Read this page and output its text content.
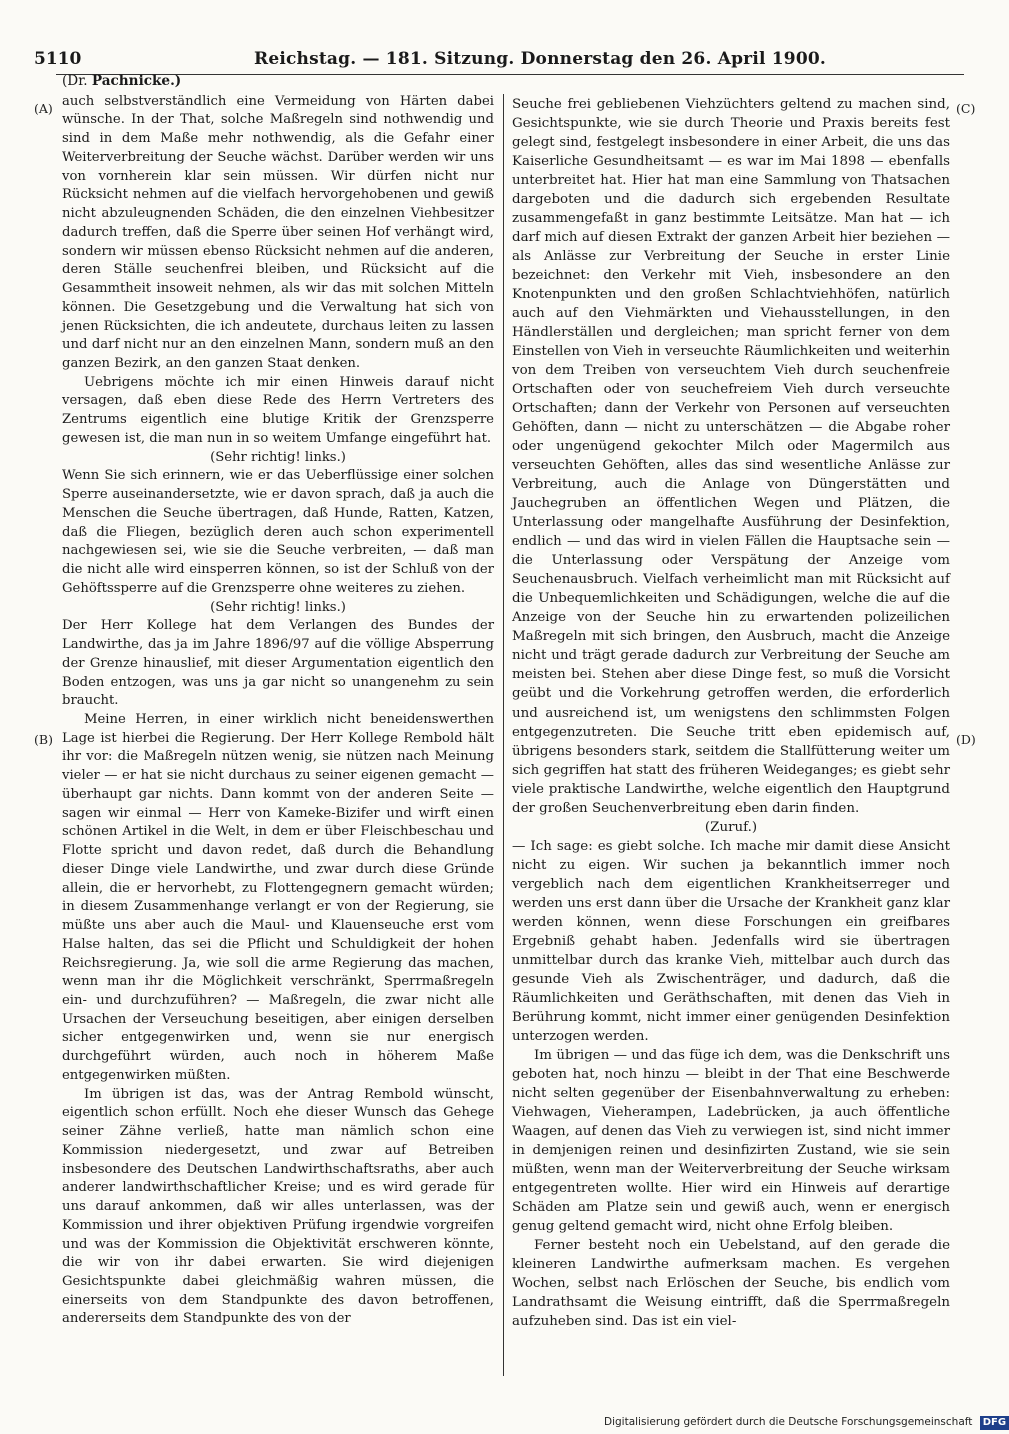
5110	Reichstag. — 181. Sitzung. Donnerstag den 26. April 1900.
(A)
(B)
(C)
(D)
(Dr. Pachnicke.)

auch selbstverständlich eine Vermeidung von Härten dabei wünsche. In der That, solche Maßregeln sind nothwendig und sind in dem Maße mehr nothwendig, als die Gefahr einer Weiterverbreitung der Seuche wächst. Darüber werden wir uns von vornherein klar sein müssen. Wir dürfen nicht nur Rücksicht nehmen auf die vielfach hervorgehobenen und gewiß nicht abzuleugnenden Schäden, die den einzelnen Viehbesitzer dadurch treffen, daß die Sperre über seinen Hof verhängt wird, sondern wir müssen ebenso Rücksicht nehmen auf die anderen, deren Ställe seuchenfrei bleiben, und Rücksicht auf die Gesammtheit insoweit nehmen, als wir das mit solchen Mitteln können. Die Gesetzgebung und die Verwaltung hat sich von jenen Rücksichten, die ich andeutete, durchaus leiten zu lassen und darf nicht nur an den einzelnen Mann, sondern muß an den ganzen Bezirk, an den ganzen Staat denken.

Uebrigens möchte ich mir einen Hinweis darauf nicht versagen, daß eben diese Rede des Herrn Vertreters des Zentrums eigentlich eine blutige Kritik der Grenzsperre gewesen ist, die man nun in so weitem Umfange eingeführt hat.

(Sehr richtig! links.)

Wenn Sie sich erinnern, wie er das Ueberflüssige einer solchen Sperre auseinandersetzte, wie er davon sprach, daß ja auch die Menschen die Seuche übertragen, daß Hunde, Ratten, Katzen, daß die Fliegen, bezüglich deren auch schon experimentell nachgewiesen sei, wie sie die Seuche verbreiten, — daß man die nicht alle wird einsperren können, so ist der Schluß von der Gehöftssperre auf die Grenzsperre ohne weiteres zu ziehen.

(Sehr richtig! links.)

Der Herr Kollege hat dem Verlangen des Bundes der Landwirthe, das ja im Jahre 1896/97 auf die völlige Absperrung der Grenze hinauslief, mit dieser Argumentation eigentlich den Boden entzogen, was uns ja gar nicht so unangenehm zu sein braucht.

Meine Herren, in einer wirklich nicht beneidenswerthen Lage ist hierbei die Regierung. Der Herr Kollege Rembold hält ihr vor: die Maßregeln nützen wenig, sie nützen nach Meinung vieler — er hat sie nicht durchaus zu seiner eigenen gemacht — überhaupt gar nichts. Dann kommt von der anderen Seite — sagen wir einmal — Herr von Kameke-Bizifer und wirft einen schönen Artikel in die Welt, in dem er über Fleischbeschau und Flotte spricht und davon redet, daß durch die Behandlung dieser Dinge viele Landwirthe, und zwar durch diese Gründe allein, die er hervorhebt, zu Flottengegnern gemacht würden; in diesem Zusammenhange verlangt er von der Regierung, sie müßte uns aber auch die Maul- und Klauenseuche erst vom Halse halten, das sei die Pflicht und Schuldigkeit der hohen Reichsregierung. Ja, wie soll die arme Regierung das machen, wenn man ihr die Möglichkeit verschränkt, Sperrmaßregeln ein- und durchzuführen? — Maßregeln, die zwar nicht alle Ursachen der Verseuchung beseitigen, aber einigen derselben sicher entgegenwirken und, wenn sie nur energisch durchgeführt würden, auch noch in höherem Maße entgegenwirken müßten.

Im übrigen ist das, was der Antrag Rembold wünscht, eigentlich schon erfüllt. Noch ehe dieser Wunsch das Gehege seiner Zähne verließ, hatte man nämlich schon eine Kommission niedergesetzt, und zwar auf Betreiben insbesondere des Deutschen Landwirthschaftsraths, aber auch anderer landwirthschaftlicher Kreise; und es wird gerade für uns darauf ankommen, daß wir alles unterlassen, was der Kommission und ihrer objektiven Prüfung irgendwie vorgreifen und was der Kommission die Objektivität erschweren könnte, die wir von ihr dabei erwarten. Sie wird diejenigen Gesichtspunkte dabei gleichmäßig wahren müssen, die einerseits von dem Standpunkte des davon betroffenen, andererseits dem Standpunkte des von der

Seuche frei gebliebenen Viehzüchters geltend zu machen sind, Gesichtspunkte, wie sie durch Theorie und Praxis bereits fest gelegt sind, festgelegt insbesondere in einer Arbeit, die uns das Kaiserliche Gesundheitsamt — es war im Mai 1898 — ebenfalls unterbreitet hat. Hier hat man eine Sammlung von Thatsachen dargeboten und die dadurch sich ergebenden Resultate zusammengefaßt in ganz bestimmte Leitsätze. Man hat — ich darf mich auf diesen Extrakt der ganzen Arbeit hier beziehen — als Anlässe zur Verbreitung der Seuche in erster Linie bezeichnet: den Verkehr mit Vieh, insbesondere an den Knotenpunkten und den großen Schlachtviehhöfen, natürlich auch auf den Viehmärkten und Viehausstellungen, in den Händlerställen und dergleichen; man spricht ferner von dem Einstellen von Vieh in verseuchte Räumlichkeiten und weiterhin von dem Treiben von verseuchtem Vieh durch seuchenfreie Ortschaften oder von seuchefreiem Vieh durch verseuchte Ortschaften; dann der Verkehr von Personen auf verseuchten Gehöften, dann — nicht zu unterschätzen — die Abgabe roher oder ungenügend gekochter Milch oder Magermilch aus verseuchten Gehöften, alles das sind wesentliche Anlässe zur Verbreitung, auch die Anlage von Düngerstätten und Jauchegruben an öffentlichen Wegen und Plätzen, die Unterlassung oder mangelhafte Ausführung der Desinfektion, endlich — und das wird in vielen Fällen die Hauptsache sein — die Unterlassung oder Verspätung der Anzeige vom Seuchenausbruch. Vielfach verheimlicht man mit Rücksicht auf die Unbequemlichkeiten und Schädigungen, welche die auf die Anzeige von der Seuche hin zu erwartenden polizeilichen Maßregeln mit sich bringen, den Ausbruch, macht die Anzeige nicht und trägt gerade dadurch zur Verbreitung der Seuche am meisten bei. Stehen aber diese Dinge fest, so muß die Vorsicht geübt und die Vorkehrung getroffen werden, die erforderlich und ausreichend ist, um wenigstens den schlimmsten Folgen entgegenzutreten. Die Seuche tritt eben epidemisch auf, übrigens besonders stark, seitdem die Stallfütterung weiter um sich gegriffen hat statt des früheren Weideganges; es giebt sehr viele praktische Landwirthe, welche eigentlich den Hauptgrund der großen Seuchenverbreitung eben darin finden.

(Zuruf.)

— Ich sage: es giebt solche. Ich mache mir damit diese Ansicht nicht zu eigen. Wir suchen ja bekanntlich immer noch vergeblich nach dem eigentlichen Krankheitserreger und werden uns erst dann über die Ursache der Krankheit ganz klar werden können, wenn diese Forschungen ein greifbares Ergebniß gehabt haben. Jedenfalls wird sie übertragen unmittelbar durch das kranke Vieh, mittelbar auch durch das gesunde Vieh als Zwischenträger, und dadurch, daß die Räumlichkeiten und Geräthschaften, mit denen das Vieh in Berührung kommt, nicht immer einer genügenden Desinfektion unterzogen werden.

Im übrigen — und das füge ich dem, was die Denkschrift uns geboten hat, noch hinzu — bleibt in der That eine Beschwerde nicht selten gegenüber der Eisenbahnverwaltung zu erheben: Viehwagen, Vieherampen, Ladebrücken, ja auch öffentliche Waagen, auf denen das Vieh zu verwiegen ist, sind nicht immer in demjenigen reinen und desinfizirten Zustand, wie sie sein müßten, wenn man der Weiterverbreitung der Seuche wirksam entgegentreten wollte. Hier wird ein Hinweis auf derartige Schäden am Platze sein und gewiß auch, wenn er energisch genug geltend gemacht wird, nicht ohne Erfolg bleiben.

Ferner besteht noch ein Uebelstand, auf den gerade die kleineren Landwirthe aufmerksam machen. Es vergehen Wochen, selbst nach Erlöschen der Seuche, bis endlich vom Landrathsamt die Weisung eintrifft, daß die Sperrmaßregeln aufzuheben sind. Das ist ein viel-

Digitalisierung gefördert durch die Deutsche Forschungsgemeinschaft DFG
